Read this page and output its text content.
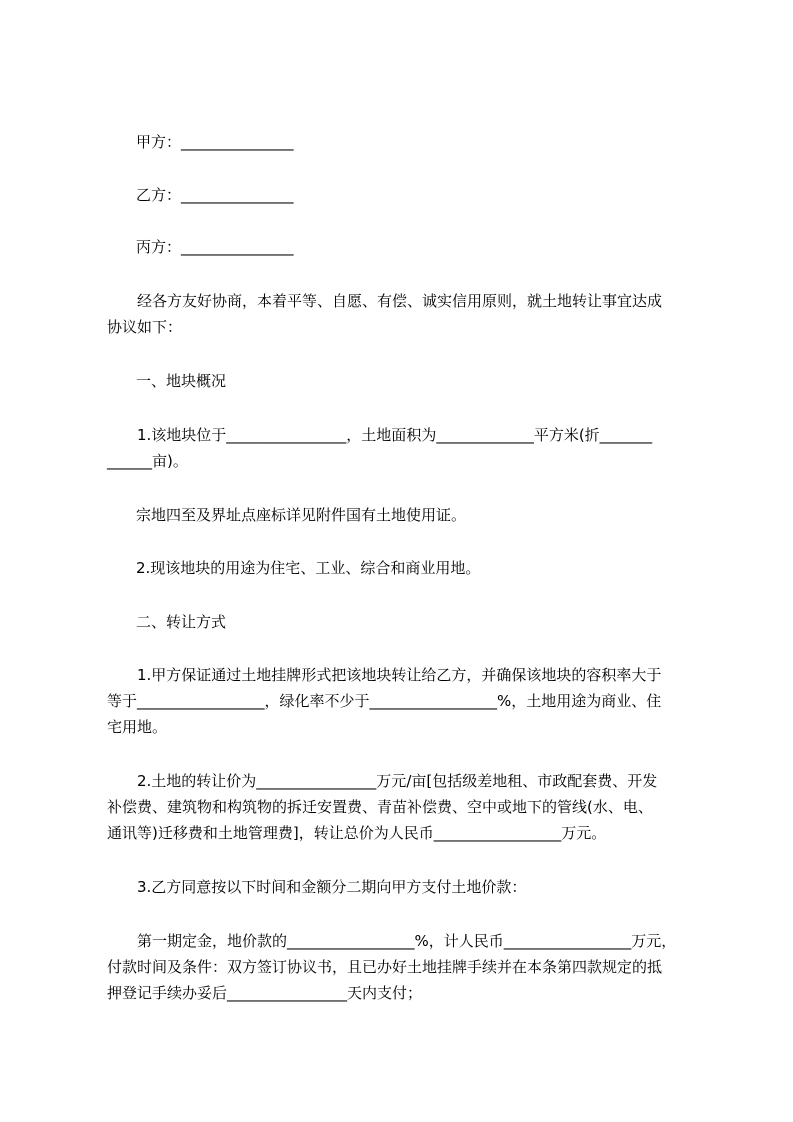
甲方：_______________
乙方：_______________
丙方：_______________
经各方友好协商，本着平等、自愿、有偿、诚实信用原则，就土地转让事宜达成
协议如下：
一、地块概况
1.该地块位于________________，土地面积为_____________平方米(折_______
______亩)。
宗地四至及界址点座标详见附件国有土地使用证。
2.现该地块的用途为住宅、工业、综合和商业用地。
二、转让方式
1.甲方保证通过土地挂牌形式把该地块转让给乙方，并确保该地块的容积率大于
等于_________________，绿化率不少于_________________%，土地用途为商业、住
宅用地。
2.土地的转让价为________________万元/亩[包括级差地租、市政配套费、开发
补偿费、建筑物和构筑物的拆迁安置费、青苗补偿费、空中或地下的管线(水、电、
通讯等)迁移费和土地管理费]，转让总价为人民币_________________万元。
3.乙方同意按以下时间和金额分二期向甲方支付土地价款：
第一期定金，地价款的_________________%，计人民币_________________万元，
付款时间及条件：双方签订协议书，且已办好土地挂牌手续并在本条第四款规定的抵
押登记手续办妥后________________天内支付；
